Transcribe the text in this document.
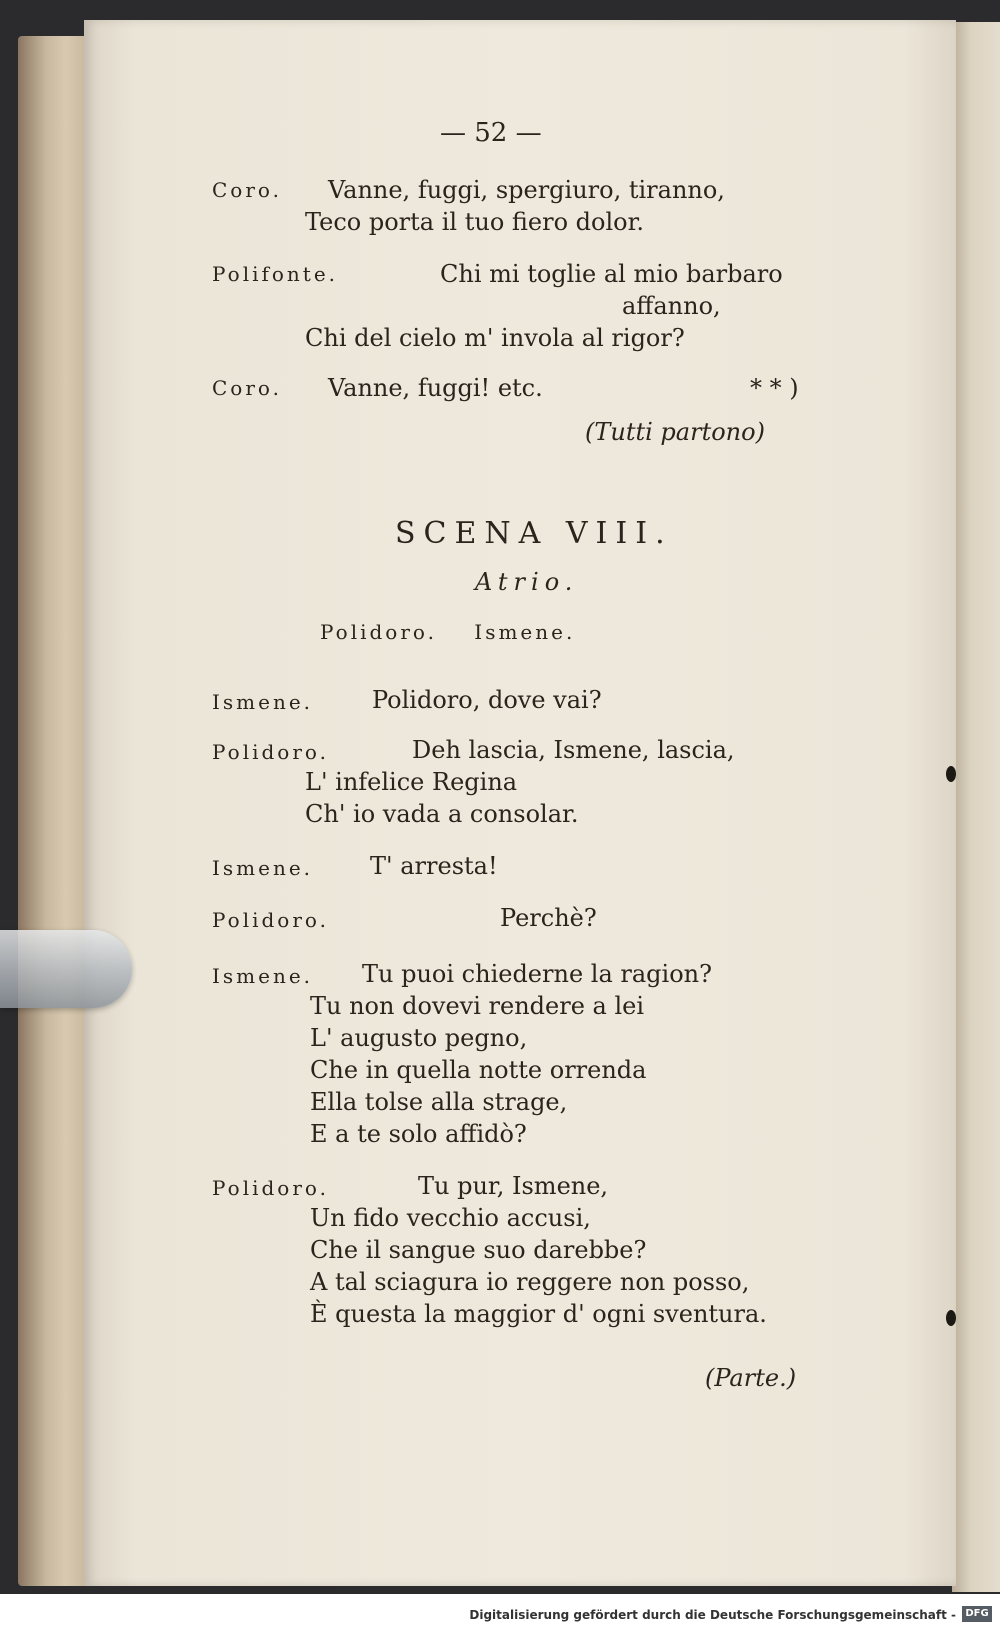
— 52 —
Coro. Vanne, fuggi, spergiuro, tiranno,
Teco porta il tuo fiero dolor.
Polifonte.	Chi mi toglie al mio barbaro
affanno,
Chi del cielo m' invola al rigor?
Coro. Vanne, fuggi! etc.	* * )
(Tutti partono)
SCENA VIII.
Atrio.
Polidoro. Ismene.
Ismene. Polidoro, dove vai?
Polidoro.	Deh lascia, Ismene, lascia,
L' infelice Regina
Ch' io vada a consolar.
Ismene. T' arresta!
Polidoro.	Perchè?
Ismene. Tu puoi chiederne la ragion?
Tu non dovevi rendere a lei
L' augusto pegno,
Che in quella notte orrenda
Ella tolse alla strage,
E a te solo affidò?
Polidoro.	Tu pur, Ismene,
Un fido vecchio accusi,
Che il sangue suo darebbe?
A tal sciagura io reggere non posso,
È questa la maggior d' ogni sventura.
(Parte.)
Digitalisierung gefördert durch die Deutsche Forschungsgemeinschaft - DFG
